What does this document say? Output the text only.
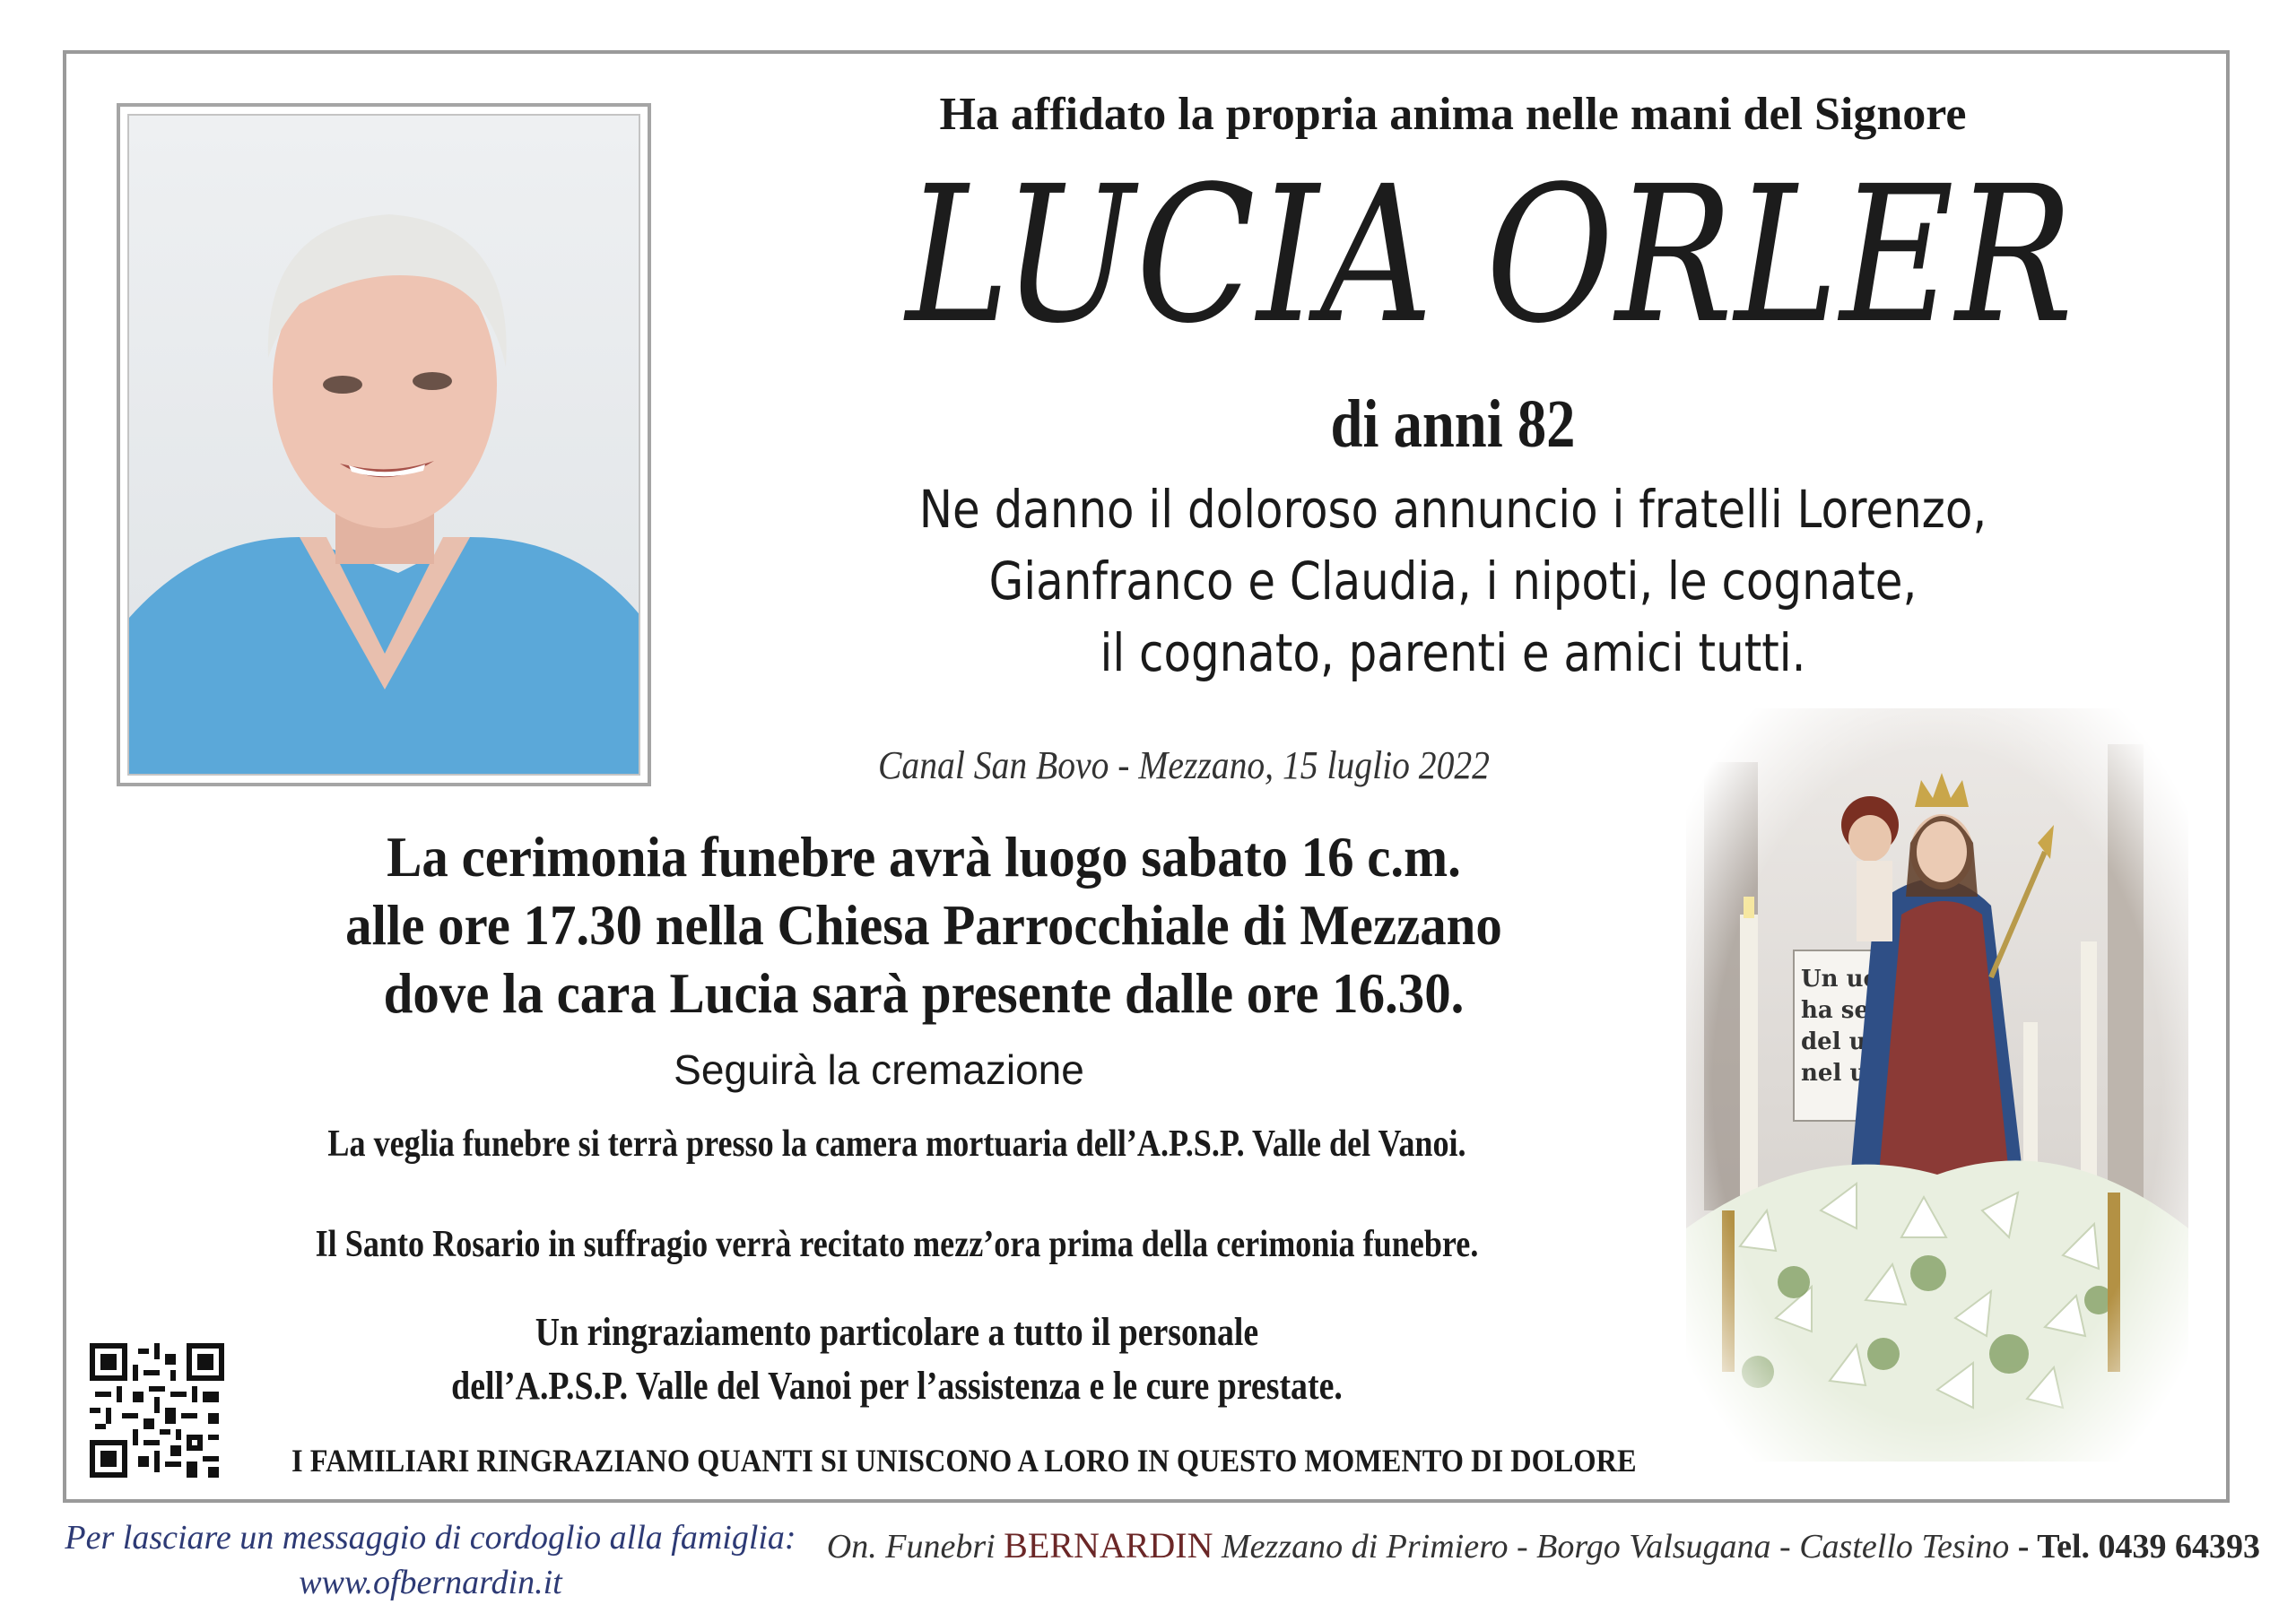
Ha affidato la propria anima nelle mani del Signore
LUCIA ORLER
di anni 82
Ne danno il doloroso annuncio i fratelli Lorenzo,
Gianfranco e Claudia, i nipoti, le cognate,
il cognato, parenti e amici tutti.
Canal San Bovo - Mezzano, 15 luglio 2022
La cerimonia funebre avrà luogo sabato 16 c.m.
alle ore 17.30 nella Chiesa Parrocchiale di Mezzano
dove la cara Lucia sarà presente dalle ore 16.30.
Seguirà la cremazione
La veglia funebre si terrà presso la camera mortuaria dell’A.P.S.P. Valle del Vanoi.
Il Santo Rosario in suffragio verrà recitato mezz’ora prima della cerimonia funebre.
Un ringraziamento particolare a tutto il personale
dell’A.P.S.P. Valle del Vanoi per l’assistenza e le cure prestate.
I FAMILIARI RINGRAZIANO QUANTI SI UNISCONO A LORO IN QUESTO MOMENTO DI DOLORE
Per lasciare un messaggio di cordoglio alla famiglia:
www.ofbernardin.it
On. Funebri BERNARDIN Mezzano di Primiero - Borgo Valsugana - Castello Tesino - Tel. 0439 64393
